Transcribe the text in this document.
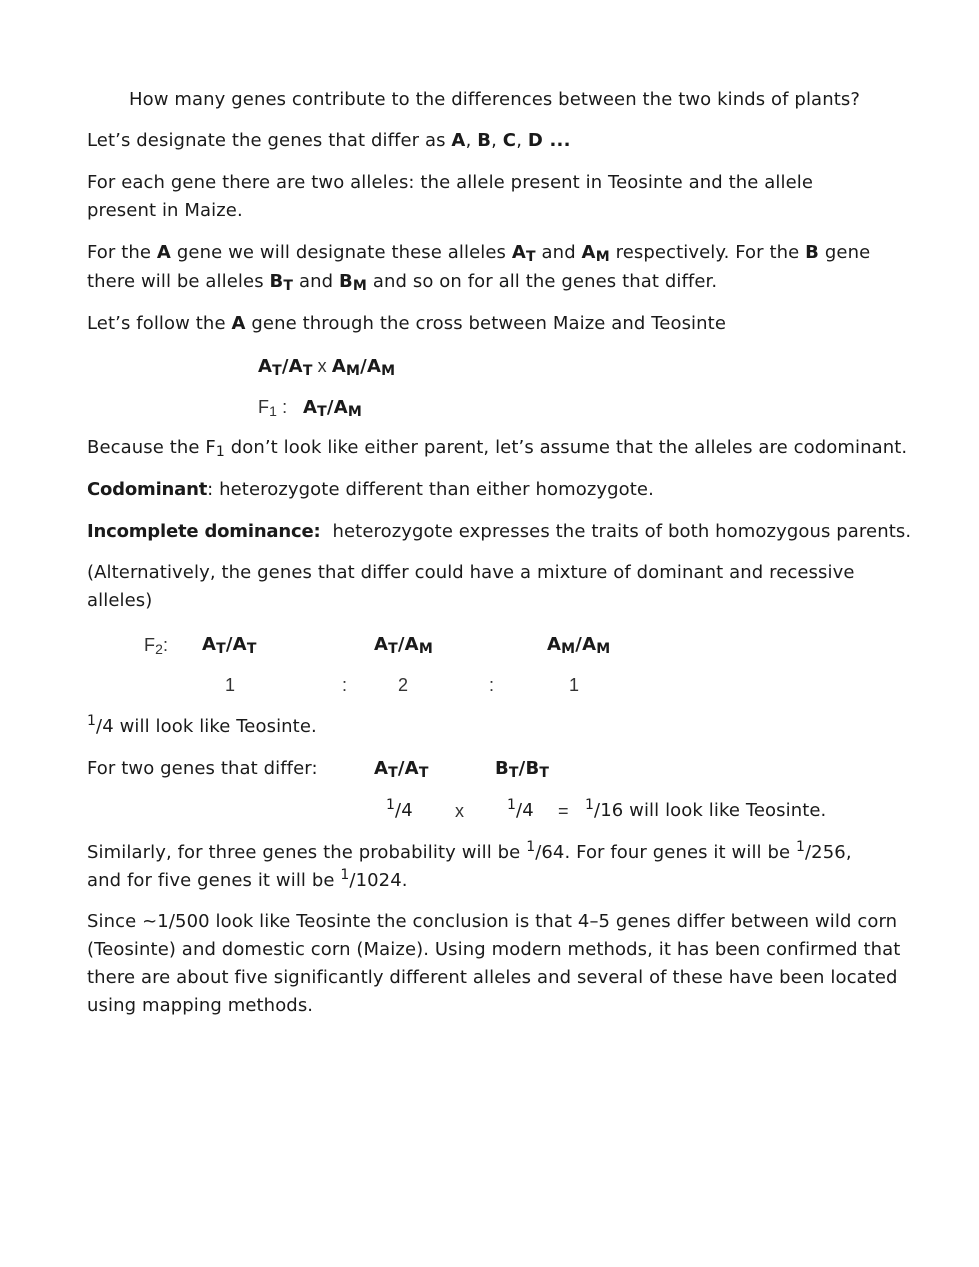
How many genes contribute to the differences between the two kinds of plants?
Let’s designate the genes that differ as A, B, C, D ...
For each gene there are two alleles: the allele present in Teosinte and the allele present in Maize.
For the A gene we will designate these alleles $A_T$ and $A_M$ respectively. For the B gene
there will be alleles $B_T$ and $B_M$ and so on for all the genes that differ.
Let’s follow the A gene through the cross between Maize and Teosinte
$A_T/A_T$ x $A_M/A_M$
$F_1$ : $A_T/A_M$
Because the $F_1$ don’t look like either parent, let’s assume that the alleles are codominant.
Codominant: heterozygote different than either homozygote.
Incomplete dominance: heterozygote expresses the traits of both homozygous parents.
(Alternatively, the genes that differ could have a mixture of dominant and recessive alleles)
$F_2$: $A_T/A_T$	$A_T/A_M$	$A_M/A_M$
1	:	2	:	1
$^1$/4 will look like Teosinte.
For two genes that differ:	$A_T/A_T$	$B_T/B_T$
$^1$/4 x	$^1$/4 = $^1$/16 will look like Teosinte.
Similarly, for three genes the probability will be $^1$/64. For four genes it will be $^1$/256,
and for five genes it will be $^1$/1024.
Since ~1/500 look like Teosinte the conclusion is that 4–5 genes differ between wild corn (Teosinte) and domestic corn (Maize). Using modern methods, it has been confirmed that there are about five significantly different alleles and several of these have been located using mapping methods.
